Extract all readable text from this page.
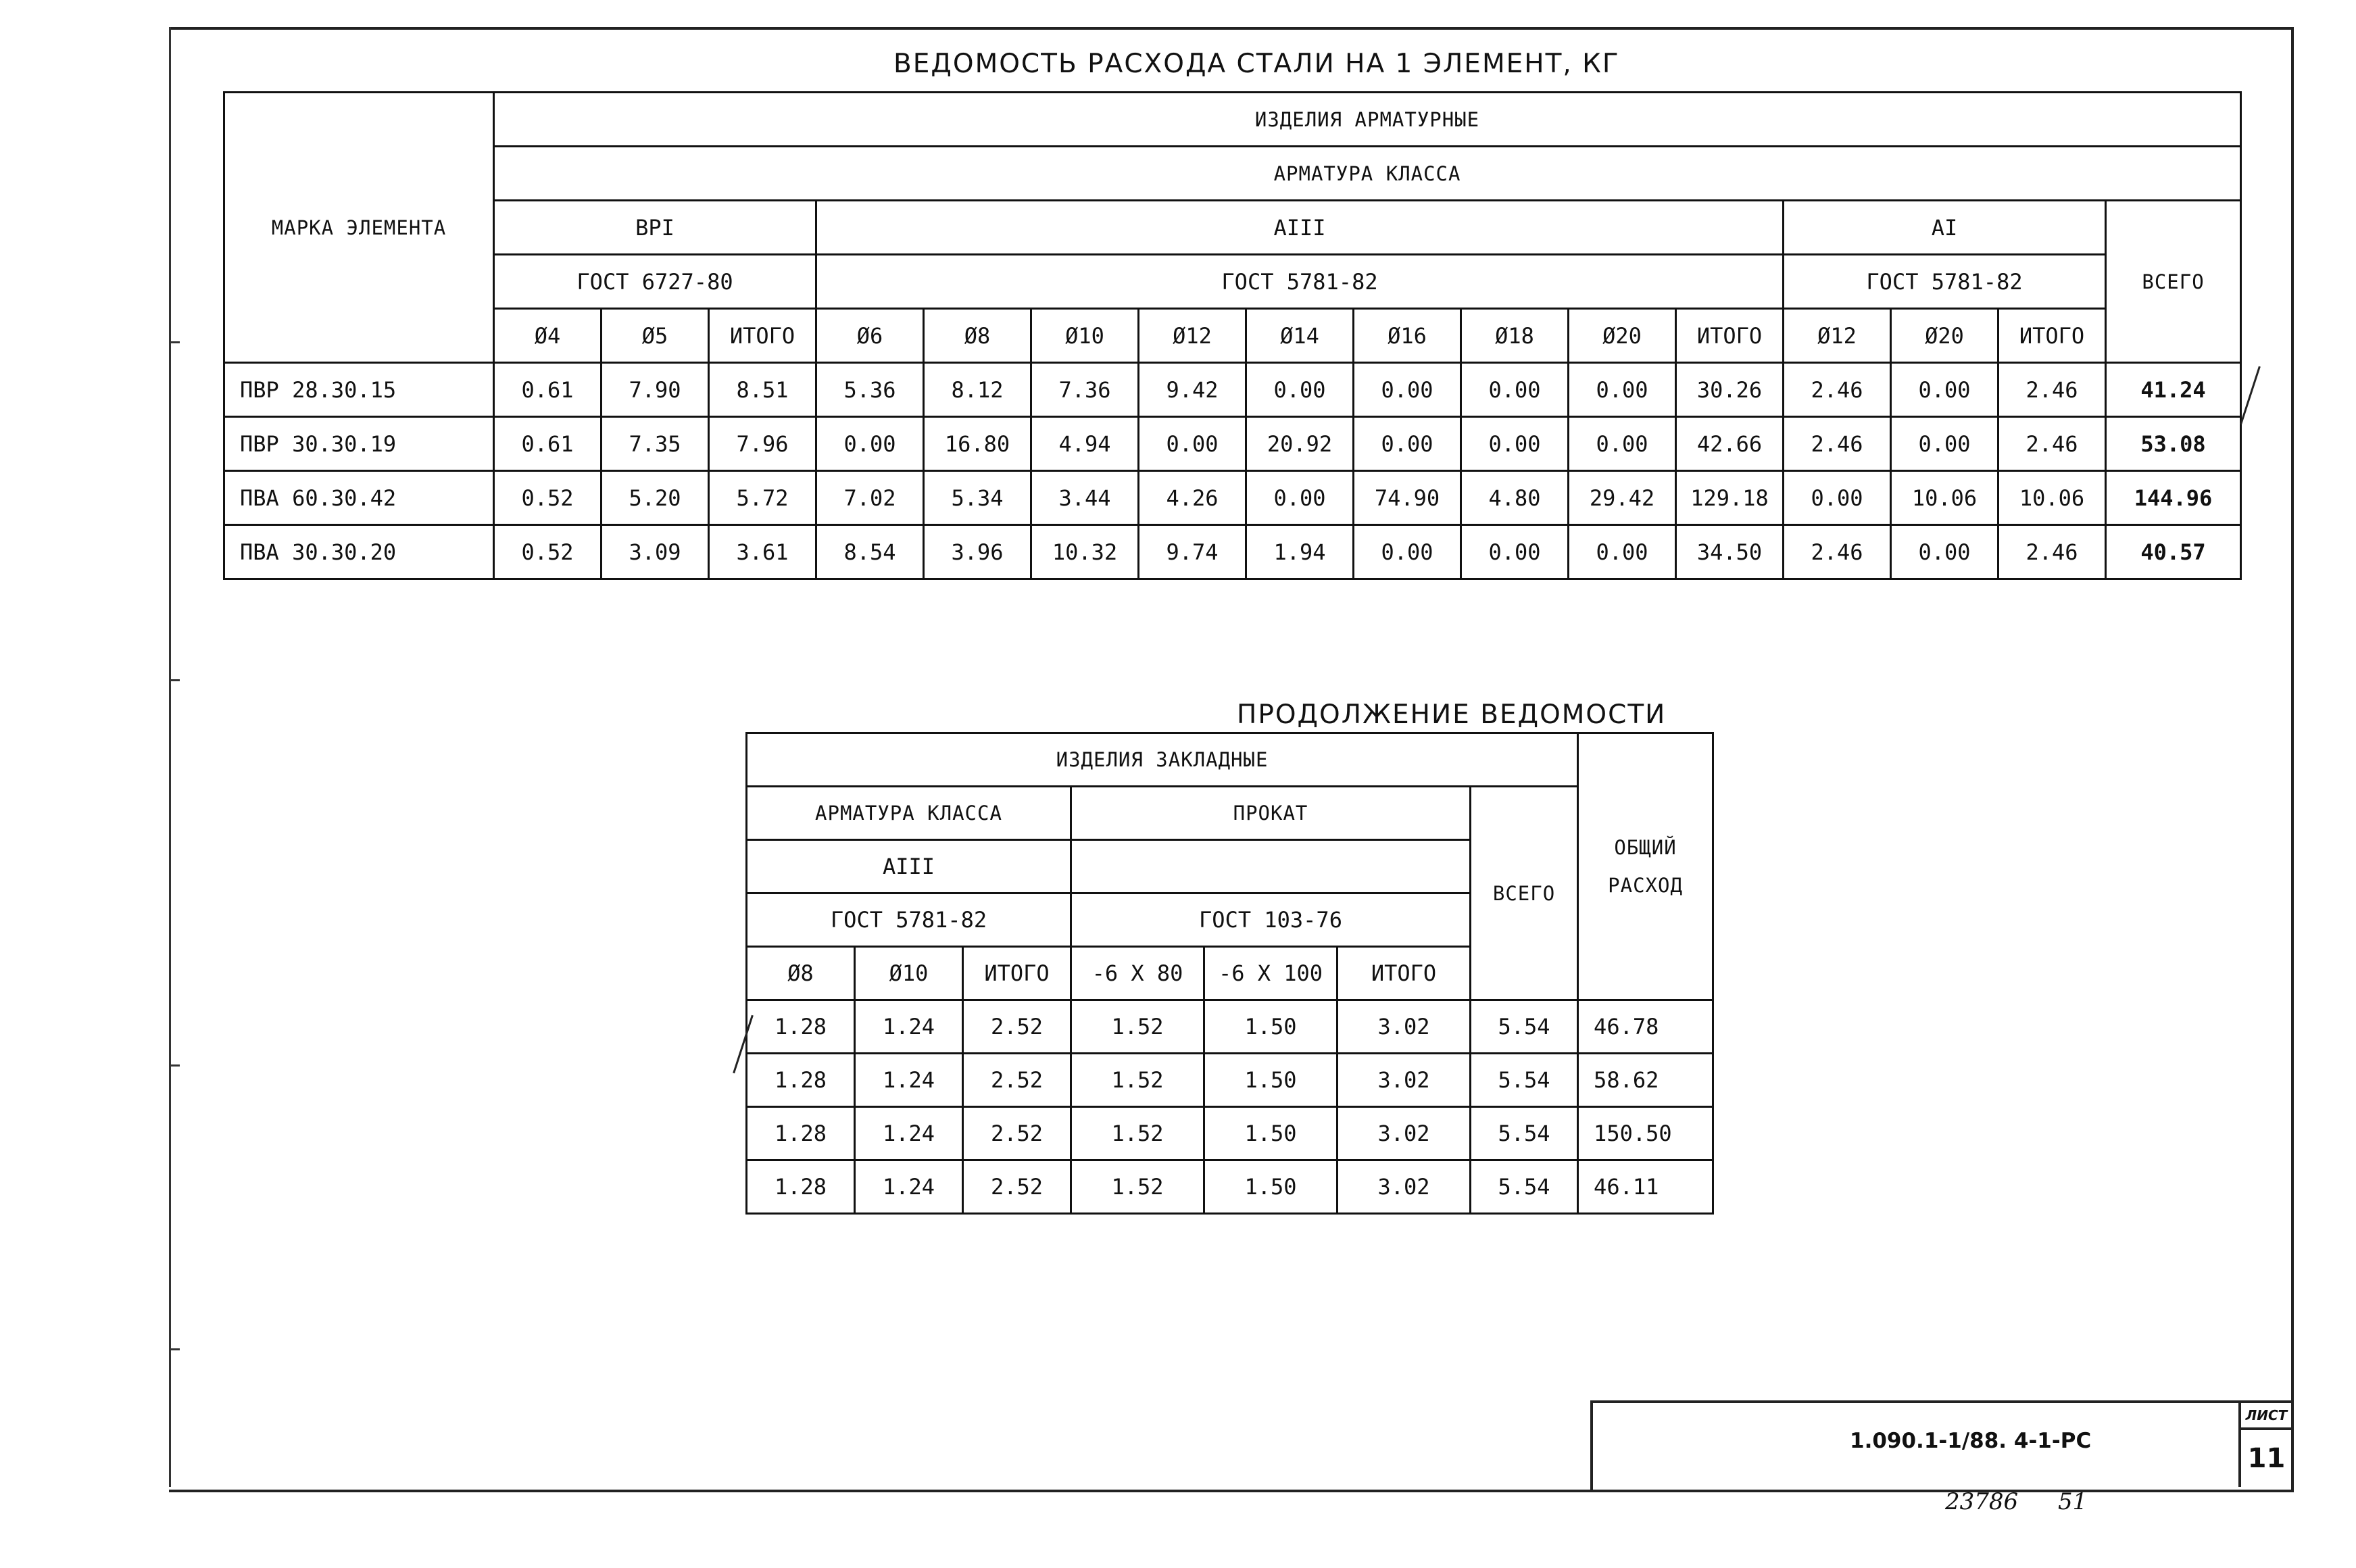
ВЕДОМОСТЬ РАСХОДА СТАЛИ НА 1 ЭЛЕМЕНТ, КГ
МАРКА ЭЛЕМЕНТА	ИЗДЕЛИЯ АРМАТУРНЫЕ															
	АРМАТУРА КЛАССА															
	ВРI			AIII									AI			ВСЕГО
	ГОСТ 6727-80			ГОСТ 5781-82									ГОСТ 5781-82			
	Ø4	Ø5	ИТОГО	Ø6	Ø8	Ø10	Ø12	Ø14	Ø16	Ø18	Ø20	ИТОГО	Ø12	Ø20	ИТОГО	
ПВР 28.30.15	0.61	7.90	8.51	5.36	8.12	7.36	9.42	0.00	0.00	0.00	0.00	30.26	2.46	0.00	2.46	41.24
ПВР 30.30.19	0.61	7.35	7.96	0.00	16.80	4.94	0.00	20.92	0.00	0.00	0.00	42.66	2.46	0.00	2.46	53.08
ПВА 60.30.42	0.52	5.20	5.72	7.02	5.34	3.44	4.26	0.00	74.90	4.80	29.42	129.18	0.00	10.06	10.06	144.96
ПВА 30.30.20	0.52	3.09	3.61	8.54	3.96	10.32	9.74	1.94	0.00	0.00	0.00	34.50	2.46	0.00	2.46	40.57
ПРОДОЛЖЕНИЕ ВЕДОМОСТИ
ИЗДЕЛИЯ ЗАКЛАДНЫЕ							ОБЩИЙ РАСХОД
АРМАТУРА КЛАССА			ПРОКАТ			ВСЕГО	
AIII							
ГОСТ 5781-82			ГОСТ 103-76				
Ø8	Ø10	ИТОГО	-6 X 80	-6 X 100	ИТОГО		
1.28	1.24	2.52	1.52	1.50	3.02	5.54	46.78
1.28	1.24	2.52	1.52	1.50	3.02	5.54	58.62
1.28	1.24	2.52	1.52	1.50	3.02	5.54	150.50
1.28	1.24	2.52	1.52	1.50	3.02	5.54	46.11
1.090.1-1/88. 4-1-РС
ЛИСТ
11
23786 51
